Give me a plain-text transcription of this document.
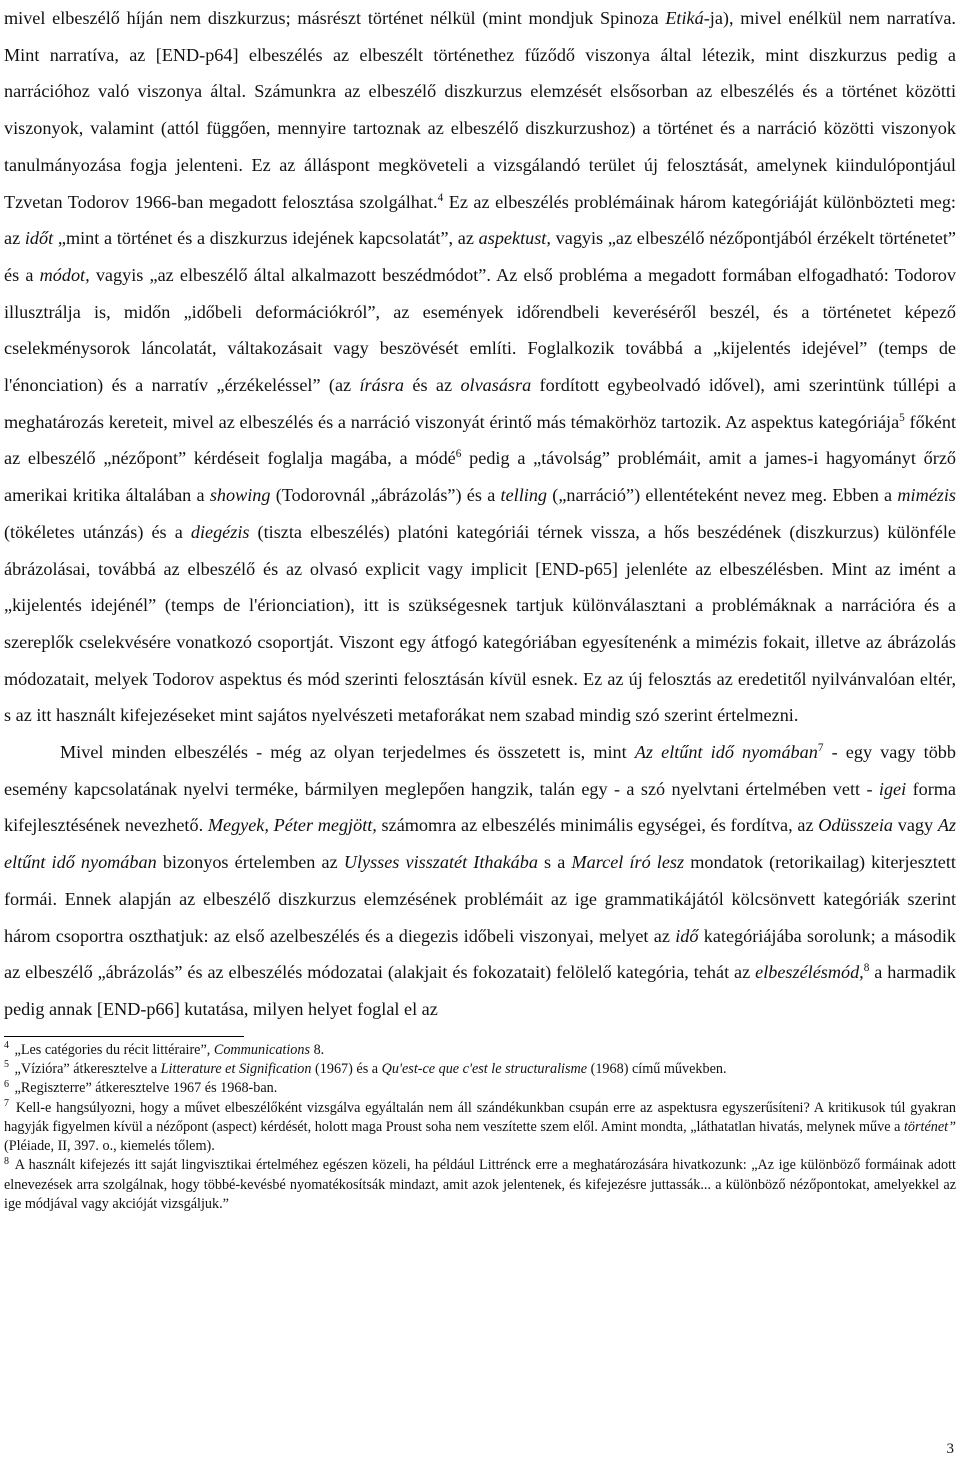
mivel elbeszélő híján nem diszkurzus; másrészt történet nélkül (mint mondjuk Spinoza Etiká-ja), mivel enélkül nem narratíva. Mint narratíva, az [END-p64] elbeszélés az elbeszélt történethez fűződő viszonya által létezik, mint diszkurzus pedig a narrációhoz való viszonya által. Számunkra az elbeszélő diszkurzus elemzését elsősorban az elbeszélés és a történet közötti viszonyok, valamint (attól függően, mennyire tartoznak az elbeszélő diszkurzushoz) a történet és a narráció közötti viszonyok tanulmányozása fogja jelenteni. Ez az álláspont megköveteli a vizsgálandó terület új felosztását, amelynek kiindulópontjául Tzvetan Todorov 1966-ban megadott felosztása szolgálhat.$^4$ Ez az elbeszélés problémáinak három kategóriáját különbözteti meg: az időt „mint a történet és a diszkurzus idejének kapcsolatát”, az aspektust, vagyis „az elbeszélő nézőpontjából érzékelt történetet” és a módot, vagyis „az elbeszélő által alkalmazott beszédmódot”. Az első probléma a megadott formában elfogadható: Todorov illusztrálja is, midőn „időbeli deformációkról”, az események időrendbeli keveréséről beszél, és a történetet képező cselekménysorok láncolatát, váltakozásait vagy beszövését említi. Foglalkozik továbbá a „kijelentés idejével” (temps de l'énonciation) és a narratív „érzékeléssel” (az írásra és az olvasásra fordított egybeolvadó idővel), ami szerintünk túllépi a meghatározás kereteit, mivel az elbeszélés és a narráció viszonyát érintő más témakörhöz tartozik. Az aspektus kategóriája$^5$ főként az elbeszélő „nézőpont” kérdéseit foglalja magába, a módé$^6$ pedig a „távolság” problémáit, amit a james-i hagyományt őrző amerikai kritika általában a showing (Todorovnál „ábrázolás”) és a telling („narráció”) ellentéteként nevez meg. Ebben a mimézis (tökéletes utánzás) és a diegézis (tiszta elbeszélés) platóni kategóriái térnek vissza, a hős beszédének (diszkurzus) különféle ábrázolásai, továbbá az elbeszélő és az olvasó explicit vagy implicit [END-p65] jelenléte az elbeszélésben. Mint az imént a „kijelentés idejénél” (temps de l'érionciation), itt is szükségesnek tartjuk különválasztani a problémáknak a narrációra és a szereplők cselekvésére vonatkozó csoportját. Viszont egy átfogó kategóriában egyesítenénk a mimézis fokait, illetve az ábrázolás módozatait, melyek Todorov aspektus és mód szerinti felosztásán kívül esnek. Ez az új felosztás az eredetitől nyilvánvalóan eltér, s az itt használt kifejezéseket mint sajátos nyelvészeti metaforákat nem szabad mindig szó szerint értelmezni.

Mivel minden elbeszélés - még az olyan terjedelmes és összetett is, mint Az eltűnt idő nyomában$^7$ - egy vagy több esemény kapcsolatának nyelvi terméke, bármilyen meglepően hangzik, talán egy - a szó nyelvtani értelmében vett - igei forma kifejlesztésének nevezhető. Megyek, Péter megjött, számomra az elbeszélés minimális egységei, és fordítva, az Odüsszeia vagy Az eltűnt idő nyomában bizonyos értelemben az Ulysses visszatét Ithakába s a Marcel író lesz mondatok (retorikailag) kiterjesztett formái. Ennek alapján az elbeszélő diszkurzus elemzésének problémáit az ige grammatikájától kölcsönvett kategóriák szerint három csoportra oszthatjuk: az első azelbeszélés és a diegezis időbeli viszonyai, melyet az idő kategóriájába sorolunk; a második az elbeszélő „ábrázolás” és az elbeszélés módozatai (alakjait és fokozatait) felölelő kategória, tehát az elbeszélésmód,$^8$ a harmadik pedig annak [END-p66] kutatása, milyen helyet foglal el az

$^4$ „Les catégories du récit littéraire”, Communications 8.

$^5$ „Vízióra” átkeresztelve a Litterature et Signification (1967) és a Qu'est-ce que c'est le structuralisme (1968) című művekben.

$^6$ „Regiszterre” átkeresztelve 1967 és 1968-ban.

$^7$ Kell-e hangsúlyozni, hogy a művet elbeszélőként vizsgálva egyáltalán nem áll szándékunkban csupán erre az aspektusra egyszerűsíteni? A kritikusok túl gyakran hagyják figyelmen kívül a nézőpont (aspect) kérdését, holott maga Proust soha nem veszítette szem elől. Amint mondta, „láthatatlan hivatás, melynek műve a történet” (Pléiade, II, 397. o., kiemelés tőlem).

$^8$ A használt kifejezés itt saját lingvisztikai értelméhez egészen közeli, ha például Littrénck erre a meghatározására hivatkozunk: „Az ige különböző formáinak adott elnevezések arra szolgálnak, hogy többé-kevésbé nyomatékosítsák mindazt, amit azok jelentenek, és kifejezésre juttassák... a különböző nézőpontokat, amelyekkel az ige módjával vagy akcióját vizsgáljuk.”

3
